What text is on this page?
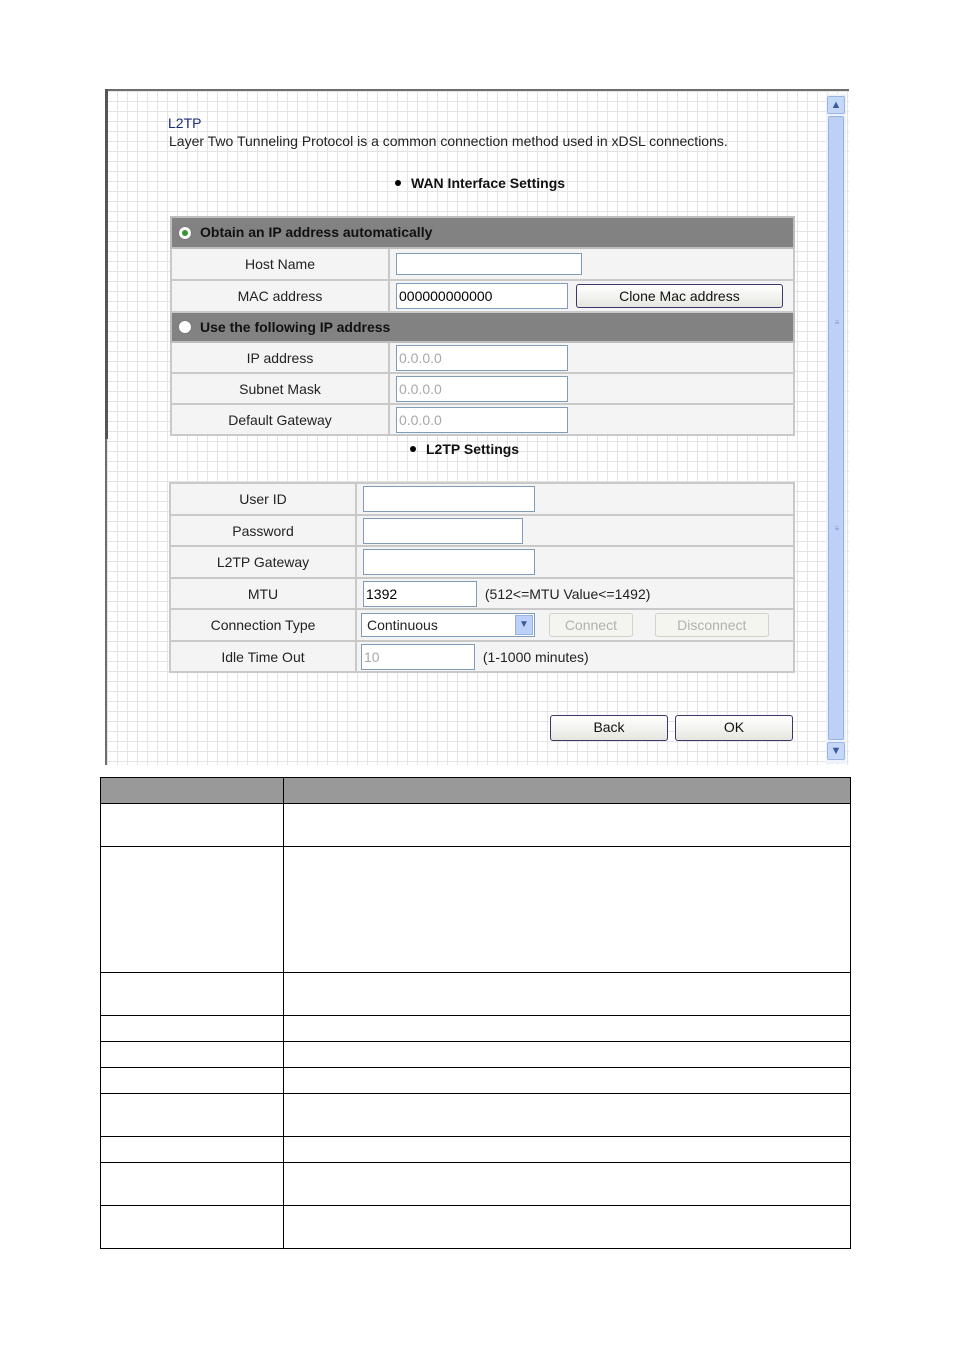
▲
≡
≡
▼
L2TP
Layer Two Tunneling Protocol is a common connection method used in xDSL connections.
WAN Interface Settings
Obtain an IP address automatically	
Host Name	
MAC address	000000000000 Clone Mac address
Use the following IP address	
IP address	0.0.0.0
Subnet Mask	0.0.0.0
Default Gateway	0.0.0.0
L2TP Settings
User ID	
Password	
L2TP Gateway	
MTU	1392 (512<=MTU Value<=1492)
Connection Type	Continuous ▼ Connect Disconnect
Idle Time Out	10 (1-1000 minutes)
Back	OK
